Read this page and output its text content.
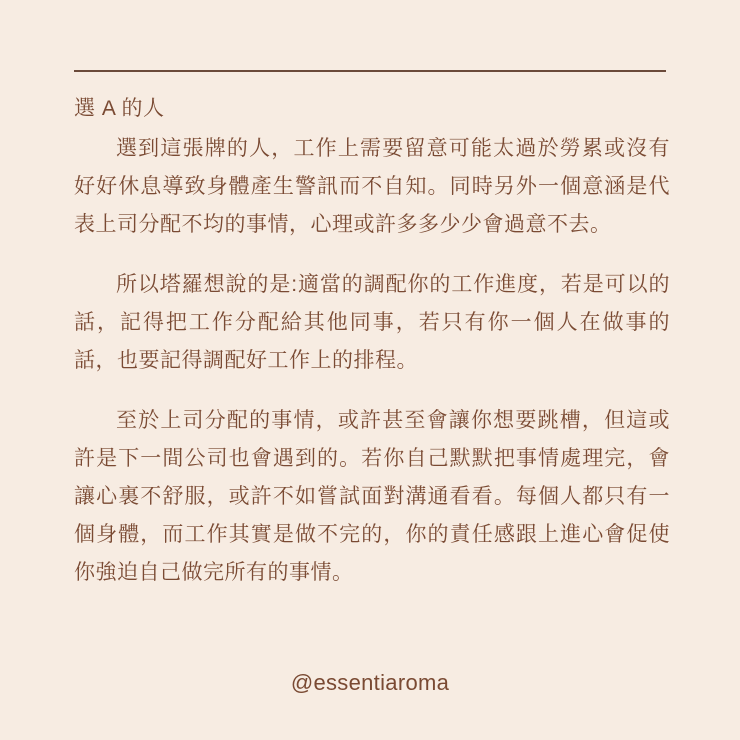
選 A 的人

選到這張牌的人，工作上需要留意可能太過於勞累或沒有好好休息導致身體產生警訊而不自知。同時另外一個意涵是代表上司分配不均的事情，心理或許多多少少會過意不去。

所以塔羅想說的是:適當的調配你的工作進度，若是可以的話，記得把工作分配給其他同事，若只有你一個人在做事的話，也要記得調配好工作上的排程。

至於上司分配的事情，或許甚至會讓你想要跳槽，但這或許是下一間公司也會遇到的。若你自己默默把事情處理完，會讓心裏不舒服，或許不如嘗試面對溝通看看。每個人都只有一個身體，而工作其實是做不完的，你的責任感跟上進心會促使你強迫自己做完所有的事情。

@essentiaroma
